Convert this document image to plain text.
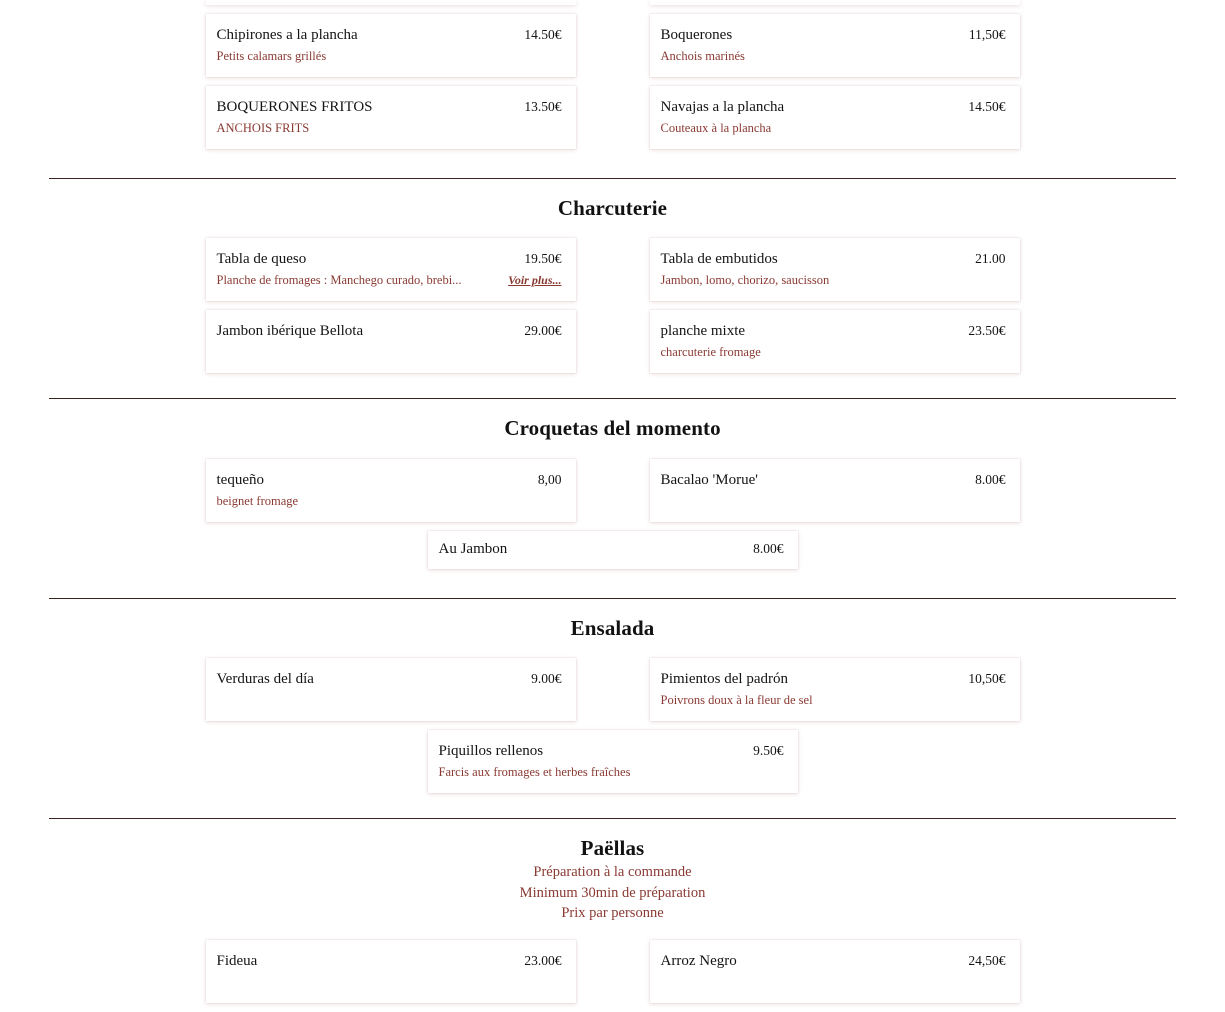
Chipirones a la plancha	14.50€
Petits calamars grillés
BOQUERONES FRITOS	13.50€
ANCHOIS FRITS
Boquerones	11,50€
Anchois marinés
Navajas a la plancha	14.50€
Couteaux à la plancha
Charcuterie
Tabla de queso	19.50€
Planche de fromages : Manchego curado, brebi...	Voir plus...
Jambon ibérique Bellota	29.00€
Tabla de embutidos	21.00
Jambon, lomo, chorizo, saucisson
planche mixte	23.50€
charcuterie fromage
Croquetas del momento
tequeño	8,00
beignet fromage
Bacalao 'Morue'	8.00€
Au Jambon	8.00€
Ensalada
Verduras del día	9.00€	Pimientos del padrón	10,50€
Poivrons doux à la fleur de sel
Piquillos rellenos	9.50€
Farcis aux fromages et herbes fraîches
Paëllas
Préparation à la commande
Minimum 30min de préparation
Prix par personne
Fideua	23.00€	Arroz Negro	24,50€
